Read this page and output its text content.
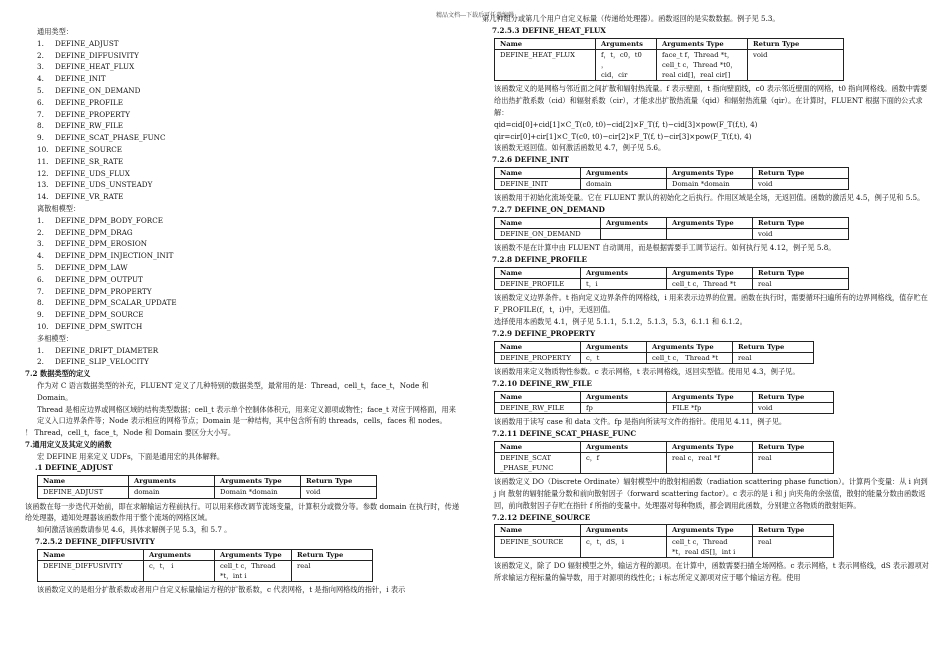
精品文档---下载后可任意编辑

通用类型：

1.	DEFINE_ADJUST
2.	DEFINE_DIFFUSIVITY
3.	DEFINE_HEAT_FLUX
4.	DEFINE_INIT
5.	DEFINE_ON_DEMAND
6.	DEFINE_PROFILE
7.	DEFINE_PROPERTY
8.	DEFINE_RW_FILE
9.	DEFINE_SCAT_PHASE_FUNC
10. DEFINE_SOURCE
11. DEFINE_SR_RATE
12. DEFINE_UDS_FLUX
13. DEFINE_UDS_UNSTEADY
14. DEFINE_VR_RATE

离散相模型：

1.	DEFINE_DPM_BODY_FORCE
2.	DEFINE_DPM_DRAG
3.	DEFINE_DPM_EROSION
4.	DEFINE_DPM_INJECTION_INIT
5.	DEFINE_DPM_LAW
6.	DEFINE_DPM_OUTPUT
7.	DEFINE_DPM_PROPERTY
8.	DEFINE_DPM_SCALAR_UPDATE
9.	DEFINE_DPM_SOURCE
10. DEFINE_DPM_SWITCH

多相模型：

1.	DEFINE_DRIFT_DIAMETER
2.	DEFINE_SLIP_VELOCITY

7.2 数据类型的定义

作为对 C 语言数据类型的补充，FLUENT 定义了几种特别的数据类型，最常用的是：Thread，cell_t，face_t，Node 和 Domain。

Thread 是相应边界或网格区域的结构类型数据；cell_t 表示单个控制体体积元，用来定义源项或物性；face_t 对应于网格面，用来定义入口边界条件等；Node 表示相应的网格节点；Domain 是一种结构，其中包含所有的 threads，cells，faces 和 nodes。

！ Thread，cell_t，face_t，Node 和 Domain 要区分大小写。

7.通用定义及其定义的函数

宏 DEFINE 用来定义 UDFs，下面是通用宏的具体解释。

.1 DEFINE_ADJUST

Name	Arguments	Arguments Type	Return Type
DEFINE_ADJUST	domain	Domain *domain	void

该函数在每一步迭代开始前，即在求解输运方程前执行。可以用来修改调节流场变量，计算积分或微分等。参数 domain 在执行时，传递给处理器，通知处理器该函数作用于整个流场的网格区域。

如何激活该函数请参见 4.6，具体求解例子见 5.3，和 5.7 。

7.2.5.2 DEFINE_DIFFUSIVITY

Name	Arguments	Arguments Type	Return Type
DEFINE_DIFFUSIVITY	c，t， i	cell_t c，Thread
*t，int i	real

该函数定义的是组分扩散系数或者用户自定义标量输运方程的扩散系数，c 代表网格，t 是指向网格线的指针，i 表示

第几种组分或第几个用户自定义标量（传递给处理器）。函数返回的是实数数据。例子见 5.3。

7.2.5.3 DEFINE_HEAT_FLUX

Name	Arguments	Arguments Type	Return Type
DEFINE_HEAT_FLUX	f，t，c0，t0
，
cid，cir	face_t f，Thread *t，
cell_t c，Thread *t0，
real cid[]，real cir[]	void

该函数定义的是网格与邻近面之间扩散和辐射热流量。f 表示壁面，t 指向壁面线，c0 表示邻近壁面的网格，t0 指向网格线。函数中需要给出热扩散系数（cid）和辐射系数（cir），才能求出扩散热流量（qid）和辐射热流量（qir）。在计算时，FLUENT 根据下面的公式求解：

qid=cid[0]+cid[1]×C_T(c0, t0)−cid[2]×F_T(f, t)−cid[3]×pow(F_T(f,t), 4)

qir=cir[0]+cir[1]×C_T(c0, t0)−cir[2]×F_T(f, t)−cir[3]×pow(F_T(f,t), 4)

该函数无返回值。如何激活函数见 4.7，例子见 5.6。

7.2.6 DEFINE_INIT

Name	Arguments	Arguments Type	Return Type
DEFINE_INIT	domain	Domain *domain	void

该函数用于初始化流场变量。它在 FLUENT 默认的初始化之后执行。作用区域是全场，无返回值。函数的激活见 4.5，例子见和 5.5。

7.2.7 DEFINE_ON_DEMAND

Name	Arguments	Arguments Type	Return Type
DEFINE_ON_DEMAND			void

该函数不是在计算中由 FLUENT 自动调用，而是根据需要手工调节运行。如何执行见 4.12，例子见 5.8。

7.2.8 DEFINE_PROFILE

Name	Arguments	Arguments Type	Return Type
DEFINE_PROFILE	t，i	cell_t c，Thread *t	real

该函数定义边界条件。t 指向定义边界条件的网格线，i 用来表示边界的位置。函数在执行时，需要循环扫遍所有的边界网格线，值存贮在 F_PROFILE(f，t，i)中，无返回值。

选择使用本函数见 4.1，例子见 5.1.1，5.1.2，5.1.3，5.3，6.1.1 和 6.1.2。

7.2.9 DEFINE_PROPERTY

Name	Arguments	Arguments Type	Return Type
DEFINE_PROPERTY	c，t	cell_t c， Thread *t	real

该函数用来定义物质物性参数。c 表示网格，t 表示网格线，返回实型值。使用见 4.3，例子见。

7.2.10 DEFINE_RW_FILE

Name	Arguments	Arguments Type	Return Type
DEFINE_RW_FILE	fp	FILE *fp	void

该函数用于读写 case 和 data 文件。fp 是指向所读写文件的指针。使用见 4.11，例子见。

7.2.11 DEFINE_SCAT_PHASE_FUNC

Name	Arguments	Arguments Type	Return Type
DEFINE_SCAT
_PHASE_FUNC	c，f	real c，real *f	real

该函数定义 DO（Discrete Ordinate）辐射模型中的散射相函数（radiation scattering phase function）。计算两个变量：从 i 向到 j 向 散射的辐射能量分数和前向散射因子（forward scattering factor）。c 表示的是 i 和 j 向夹角的余弦值，散射的能量分数由函数返回，前向散射因子存贮在指针 f 所指的变量中。处理器对每种物质，都会调用此函数，分别建立各物质的散射矩阵。

7.2.12 DEFINE_SOURCE

Name	Arguments	Arguments Type	Return Type
DEFINE_SOURCE	c，t，dS，i	cell_t c，Thread
*t，real dS[]，int i	real

该函数定义，除了 DO 辐射模型之外，输运方程的源项。在计算中，函数需要扫描全场网格。c 表示网格，t 表示网格线，dS 表示源项对所求输运方程标量的偏导数，用于对源项的线性化；i 标志所定义源项对应于哪个输运方程。使用
